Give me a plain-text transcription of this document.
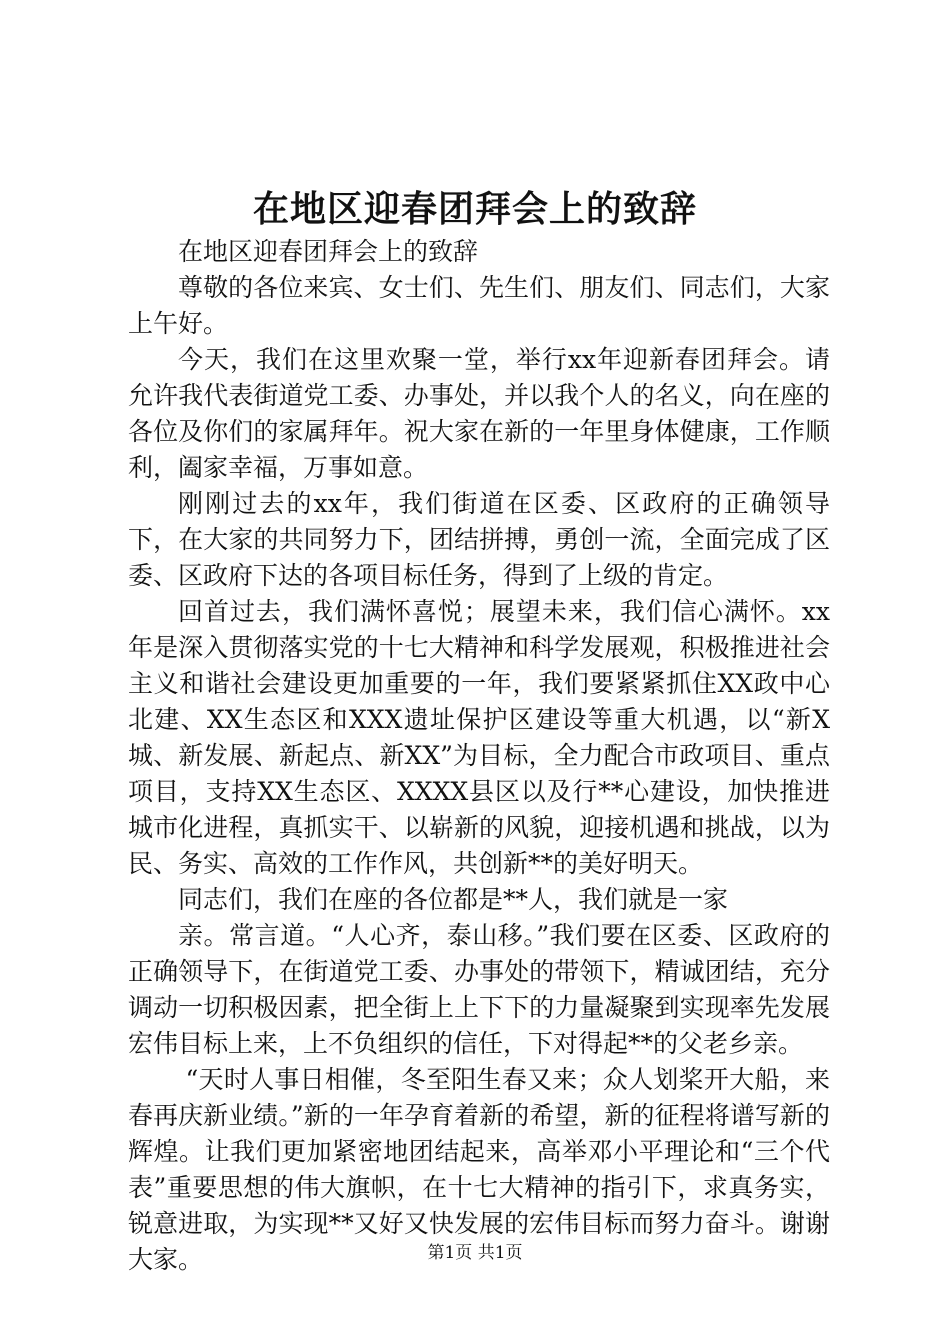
在地区迎春团拜会上的致辞

在地区迎春团拜会上的致辞

尊敬的各位来宾、女士们、先生们、朋友们、同志们，大家上午好。

今天，我们在这里欢聚一堂，举行xx年迎新春团拜会。请允许我代表街道党工委、办事处，并以我个人的名义，向在座的各位及你们的家属拜年。祝大家在新的一年里身体健康，工作顺利，阖家幸福，万事如意。

刚刚过去的xx年，我们街道在区委、区政府的正确领导下，在大家的共同努力下，团结拼搏，勇创一流，全面完成了区委、区政府下达的各项目标任务，得到了上级的肯定。

回首过去，我们满怀喜悦；展望未来，我们信心满怀。xx年是深入贯彻落实党的十七大精神和科学发展观，积极推进社会主义和谐社会建设更加重要的一年，我们要紧紧抓住XX政中心北建、XX生态区和XXX遗址保护区建设等重大机遇，以“新X城、新发展、新起点、新XX”为目标，全力配合市政项目、重点项目，支持XX生态区、XXXX县区以及行**心建设，加快推进城市化进程，真抓实干、以崭新的风貌，迎接机遇和挑战，以为民、务实、高效的工作作风，共创新**的美好明天。

同志们，我们在座的各位都是**人，我们就是一家

亲。常言道。“人心齐，泰山移。”我们要在区委、区政府的正确领导下，在街道党工委、办事处的带领下，精诚团结，充分调动一切积极因素，把全街上上下下的力量凝聚到实现率先发展宏伟目标上来，上不负组织的信任，下对得起**的父老乡亲。

“天时人事日相催，冬至阳生春又来；众人划桨开大船，来春再庆新业绩。”新的一年孕育着新的希望，新的征程将谱写新的辉煌。让我们更加紧密地团结起来，高举邓小平理论和“三个代表”重要思想的伟大旗帜，在十七大精神的指引下，求真务实，锐意进取，为实现**又好又快发展的宏伟目标而努力奋斗。谢谢大家。	第1页 共1页
